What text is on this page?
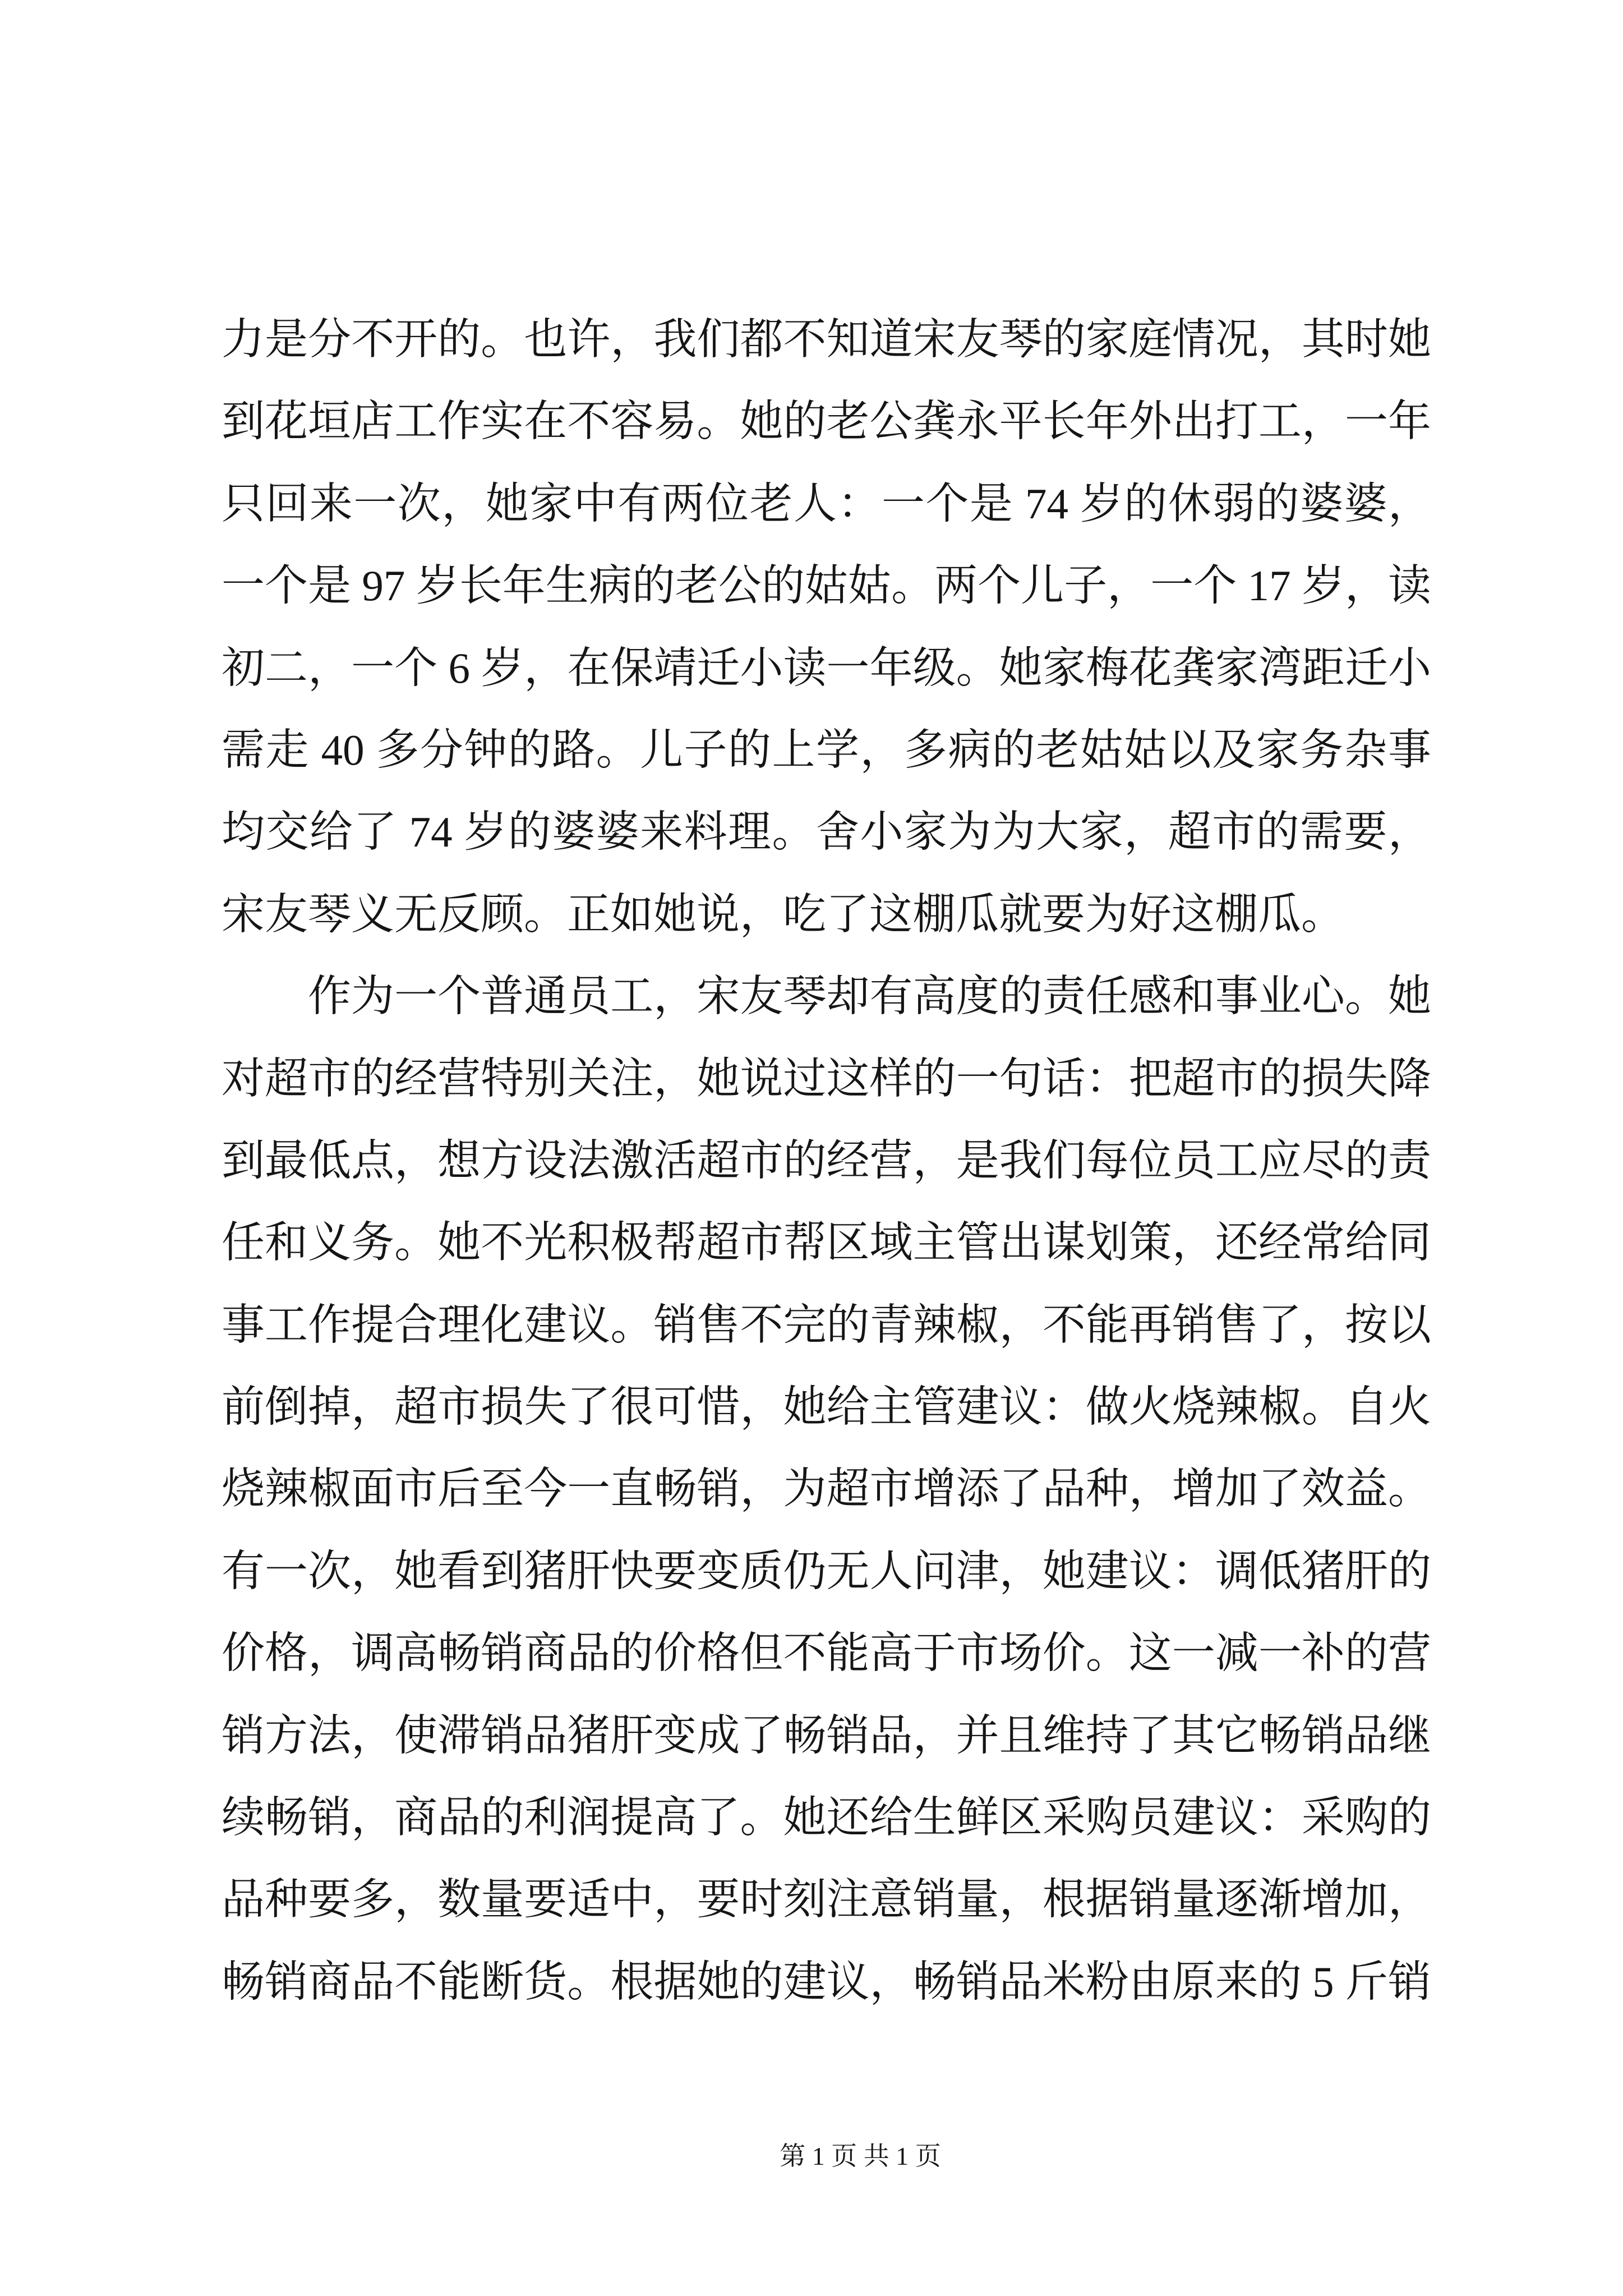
力是分不开的。也许，我们都不知道宋友琴的家庭情况，其时她
到花垣店工作实在不容易。她的老公龚永平长年外出打工，一年
只回来一次，她家中有两位老人：一个是 74 岁的休弱的婆婆，
一个是 97 岁长年生病的老公的姑姑。两个儿子，一个 17 岁，读
初二，一个 6 岁，在保靖迁小读一年级。她家梅花龚家湾距迁小
需走 40 多分钟的路。儿子的上学，多病的老姑姑以及家务杂事
均交给了 74 岁的婆婆来料理。舍小家为为大家，超市的需要，
宋友琴义无反顾。正如她说，吃了这棚瓜就要为好这棚瓜。
作为一个普通员工，宋友琴却有高度的责任感和事业心。她
对超市的经营特别关注，她说过这样的一句话：把超市的损失降
到最低点，想方设法激活超市的经营，是我们每位员工应尽的责
任和义务。她不光积极帮超市帮区域主管出谋划策，还经常给同
事工作提合理化建议。销售不完的青辣椒，不能再销售了，按以
前倒掉，超市损失了很可惜，她给主管建议：做火烧辣椒。自火
烧辣椒面市后至今一直畅销，为超市增添了品种，增加了效益。
有一次，她看到猪肝快要变质仍无人问津，她建议：调低猪肝的
价格，调高畅销商品的价格但不能高于市场价。这一减一补的营
销方法，使滞销品猪肝变成了畅销品，并且维持了其它畅销品继
续畅销，商品的利润提高了。她还给生鲜区采购员建议：采购的
品种要多，数量要适中，要时刻注意销量，根据销量逐渐增加，
畅销商品不能断货。根据她的建议，畅销品米粉由原来的 5 斤销
第 1 页 共 1 页
